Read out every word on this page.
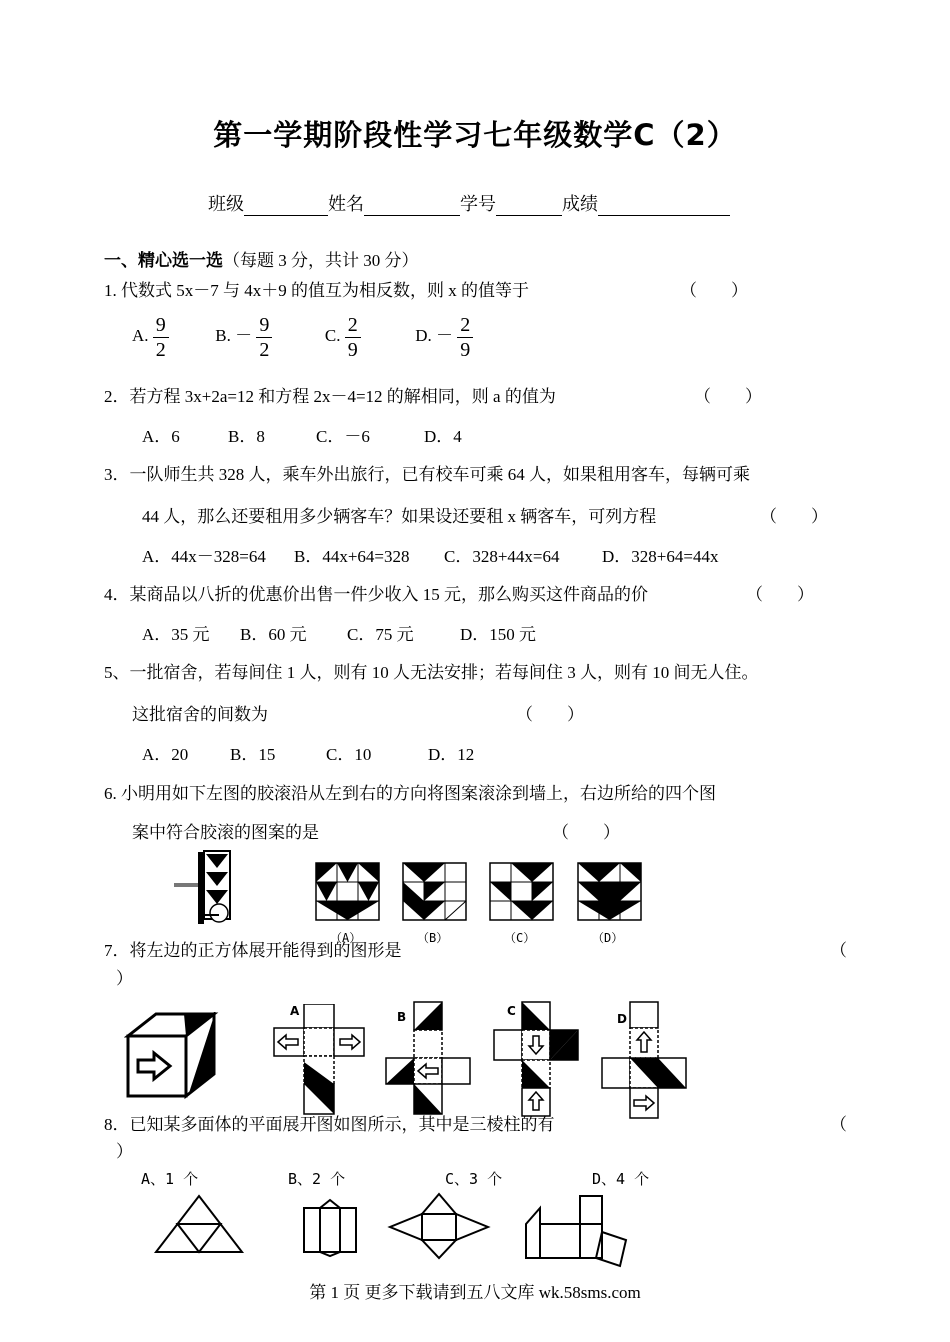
第一学期阶段性学习七年级数学C（2）
班级	姓名	学号	成绩
一、精心选一选（每题 3 分，共计 30 分）
1. 代数式 5x－7 与 4x＋9 的值互为相反数，则 x 的值等于	（　　）
A. $\frac{9}{2}$	B. － $\frac{9}{2}$	C. $\frac{2}{9}$	D. － $\frac{2}{9}$
2．若方程 3x+2a=12 和方程 2x－4=12 的解相同，则 a 的值为	（　　）
A．6	B．8	C．－6	D．4
3．一队师生共 328 人，乘车外出旅行，已有校车可乘 64 人，如果租用客车，每辆可乘
44 人，那么还要租用多少辆客车？如果设还要租 x 辆客车，可列方程	（　　）
A．44x－328=64 B．44x+64=328 C．328+44x=64 D．328+64=44x
4．某商品以八折的优惠价出售一件少收入 15 元，那么购买这件商品的价	（　　）
A．35 元 B．60 元 C．75 元	D．150 元
5、一批宿舍，若每间住 1 人，则有 10 人无法安排；若每间住 3 人，则有 10 间无人住。
这批宿舍的间数为	（　　）
A．20 B．15	C．10	D．12
6. 小明用如下左图的胶滚沿从左到右的方向将图案滚涂到墙上，右边所给的四个图
案中符合胶滚的图案的是	（　　）
（A）	（B）	（C）	（D）
7．将左边的正方体展开能得到的图形是	（
）
A	B	C
D
8．已知某多面体的平面展开图如图所示，其中是三棱柱的有	（
）
A、1 个	B、2 个	C、3 个	D、4 个
第 1 页 更多下载请到五八文库 wk.58sms.com
